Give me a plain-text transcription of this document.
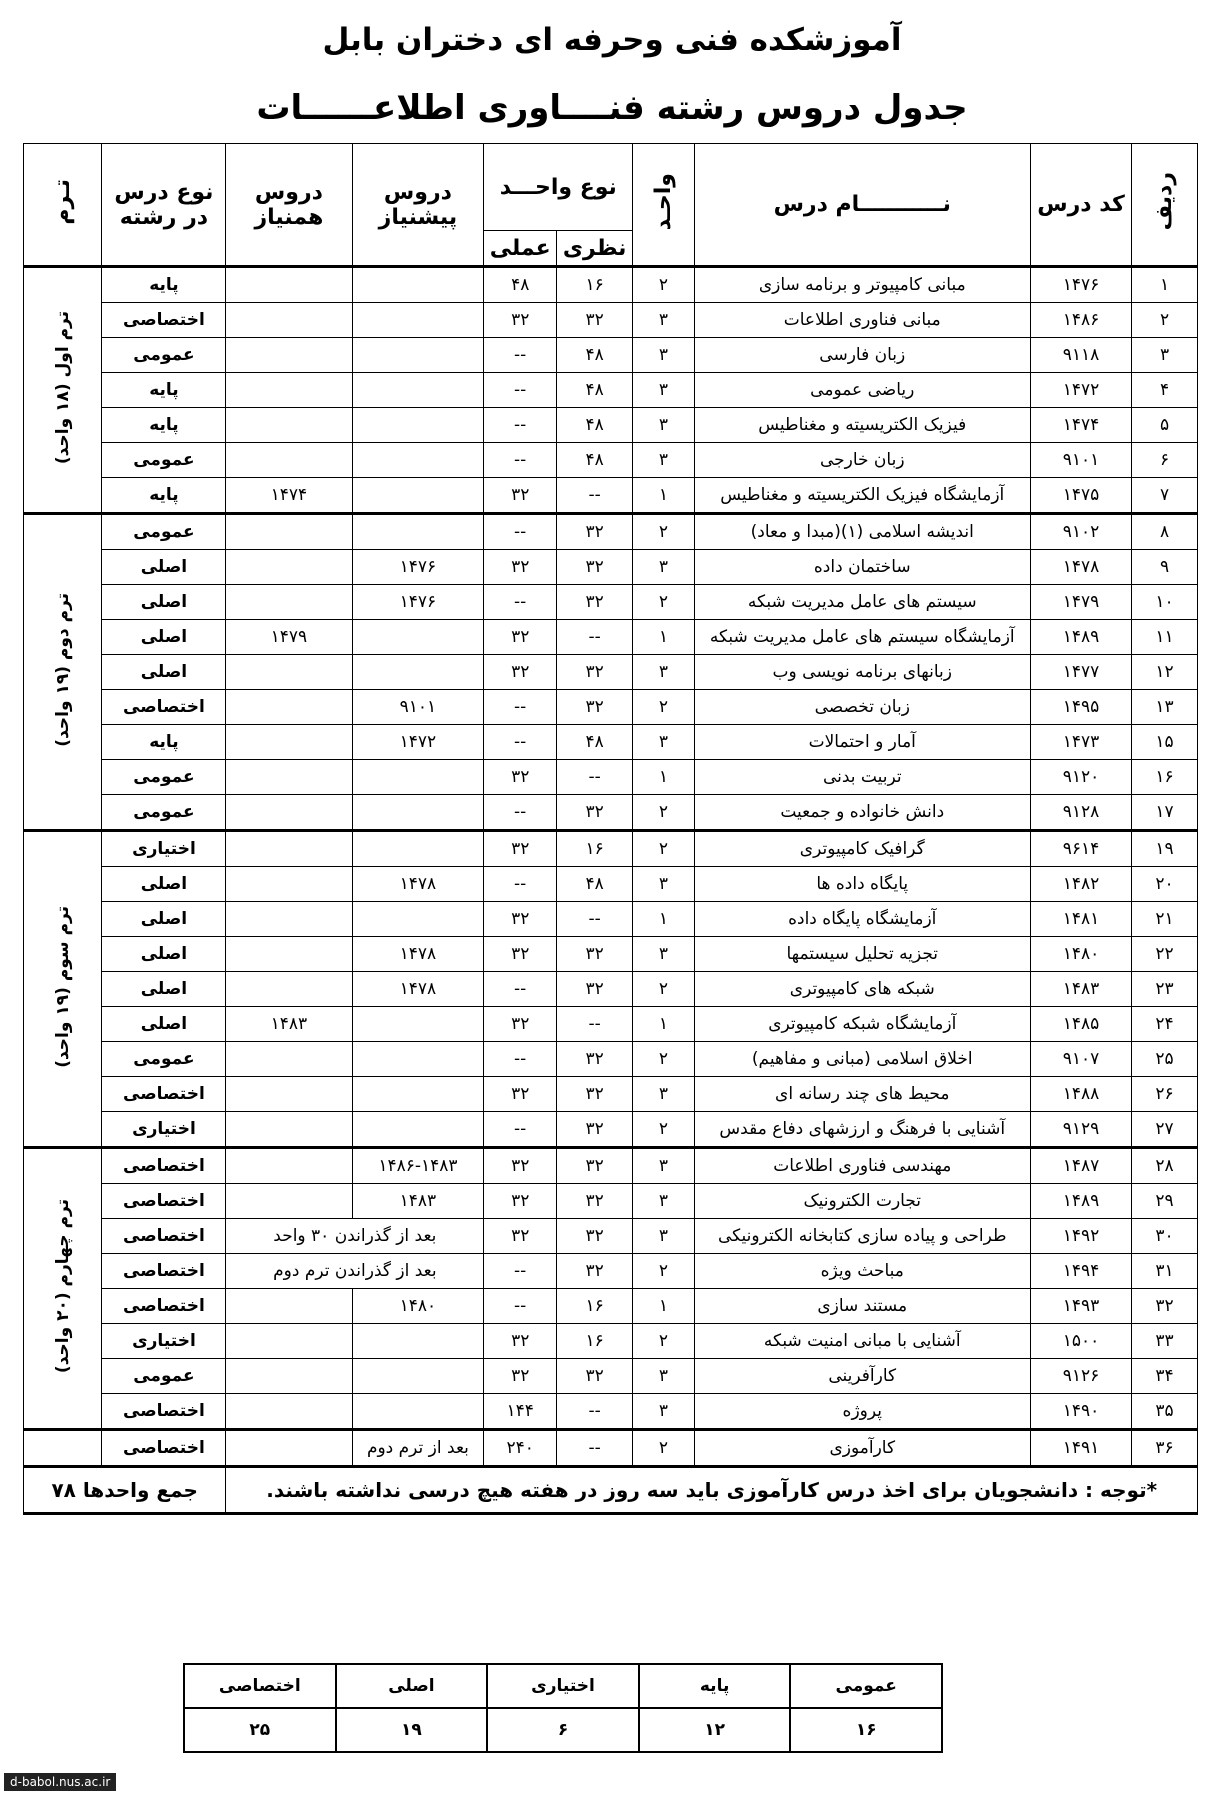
آموزشکده فنی وحرفه ای دختران بابل
جدول دروس رشته فنــــاوری اطلاعــــــات
ردیف	کد درس	نـــــــــــام درس	واحـد	نوع واحـــد		دروس پیشنیاز	دروس همنیاز	نوع درس در رشته	تـرم
				نظری	عملی				
۱	۱۴۷۶	مبانی کامپیوتر و برنامه سازی	۲	۱۶	۴۸			پایه	ترم اول (۱۸ واحد)
۲	۱۴۸۶	مبانی فناوری اطلاعات	۳	۳۲	۳۲			اختصاصی	
۳	۹۱۱۸	زبان فارسی	۳	۴۸	--			عمومی	
۴	۱۴۷۲	ریاضی عمومی	۳	۴۸	--			پایه	
۵	۱۴۷۴	فیزیک الکتریسیته و مغناطیس	۳	۴۸	--			پایه	
۶	۹۱۰۱	زبان خارجی	۳	۴۸	--			عمومی	
۷	۱۴۷۵	آزمایشگاه فیزیک الکتریسیته و مغناطیس	۱	--	۳۲		۱۴۷۴	پایه	
۸	۹۱۰۲	اندیشه اسلامی (۱)(مبدا و معاد)	۲	۳۲	--			عمومی	ترم دوم (۱۹ واحد)
۹	۱۴۷۸	ساختمان داده	۳	۳۲	۳۲	۱۴۷۶		اصلی	
۱۰	۱۴۷۹	سیستم های عامل مدیریت شبکه	۲	۳۲	--	۱۴۷۶		اصلی	
۱۱	۱۴۸۹	آزمایشگاه سیستم های عامل مدیریت شبکه	۱	--	۳۲		۱۴۷۹	اصلی	
۱۲	۱۴۷۷	زبانهای برنامه نویسی وب	۳	۳۲	۳۲			اصلی	
۱۳	۱۴۹۵	زبان تخصصی	۲	۳۲	--	۹۱۰۱		اختصاصی	
۱۵	۱۴۷۳	آمار و احتمالات	۳	۴۸	--	۱۴۷۲		پایه	
۱۶	۹۱۲۰	تربیت بدنی	۱	--	۳۲			عمومی	
۱۷	۹۱۲۸	دانش خانواده و جمعیت	۲	۳۲	--			عمومی	
۱۹	۹۶۱۴	گرافیک کامپیوتری	۲	۱۶	۳۲			اختیاری	ترم سوم (۱۹ واحد)
۲۰	۱۴۸۲	پایگاه داده ها	۳	۴۸	--	۱۴۷۸		اصلی	
۲۱	۱۴۸۱	آزمایشگاه پایگاه داده	۱	--	۳۲			اصلی	
۲۲	۱۴۸۰	تجزیه تحلیل سیستمها	۳	۳۲	۳۲	۱۴۷۸		اصلی	
۲۳	۱۴۸۳	شبکه های کامپیوتری	۲	۳۲	--	۱۴۷۸		اصلی	
۲۴	۱۴۸۵	آزمایشگاه شبکه کامپیوتری	۱	--	۳۲		۱۴۸۳	اصلی	
۲۵	۹۱۰۷	اخلاق اسلامی (مبانی و مفاهیم)	۲	۳۲	--			عمومی	
۲۶	۱۴۸۸	محیط های چند رسانه ای	۳	۳۲	۳۲			اختصاصی	
۲۷	۹۱۲۹	آشنایی با فرهنگ و ارزشهای دفاع مقدس	۲	۳۲	--			اختیاری	
۲۸	۱۴۸۷	مهندسی فناوری اطلاعات	۳	۳۲	۳۲	۱۴۸۶-۱۴۸۳		اختصاصی	ترم چهارم (۲۰ واحد)
۲۹	۱۴۸۹	تجارت الکترونیک	۳	۳۲	۳۲	۱۴۸۳		اختصاصی	
۳۰	۱۴۹۲	طراحی و پیاده سازی کتابخانه الکترونیکی	۳	۳۲	۳۲	بعد از گذراندن ۳۰ واحد		اختصاصی	
۳۱	۱۴۹۴	مباحث ویژه	۲	۳۲	--	بعد از گذراندن ترم دوم		اختصاصی	
۳۲	۱۴۹۳	مستند سازی	۱	۱۶	--	۱۴۸۰		اختصاصی	
۳۳	۱۵۰۰	آشنایی با مبانی امنیت شبکه	۲	۱۶	۳۲			اختیاری	
۳۴	۹۱۲۶	کارآفرینی	۳	۳۲	۳۲			عمومی	
۳۵	۱۴۹۰	پروژه	۳	--	۱۴۴			اختصاصی	
۳۶	۱۴۹۱	کارآموزی	۲	--	۲۴۰	بعد از ترم دوم		اختصاصی	
*توجه : دانشجویان برای اخذ درس کارآموزی باید سه روز در هفته هیچ درسی نداشته باشند.								جمع واحدها ۷۸	
عمومی	پایه	اختیاری	اصلی	اختصاصی
۱۶	۱۲	۶	۱۹	۲۵
d-babol.nus.ac.ir
